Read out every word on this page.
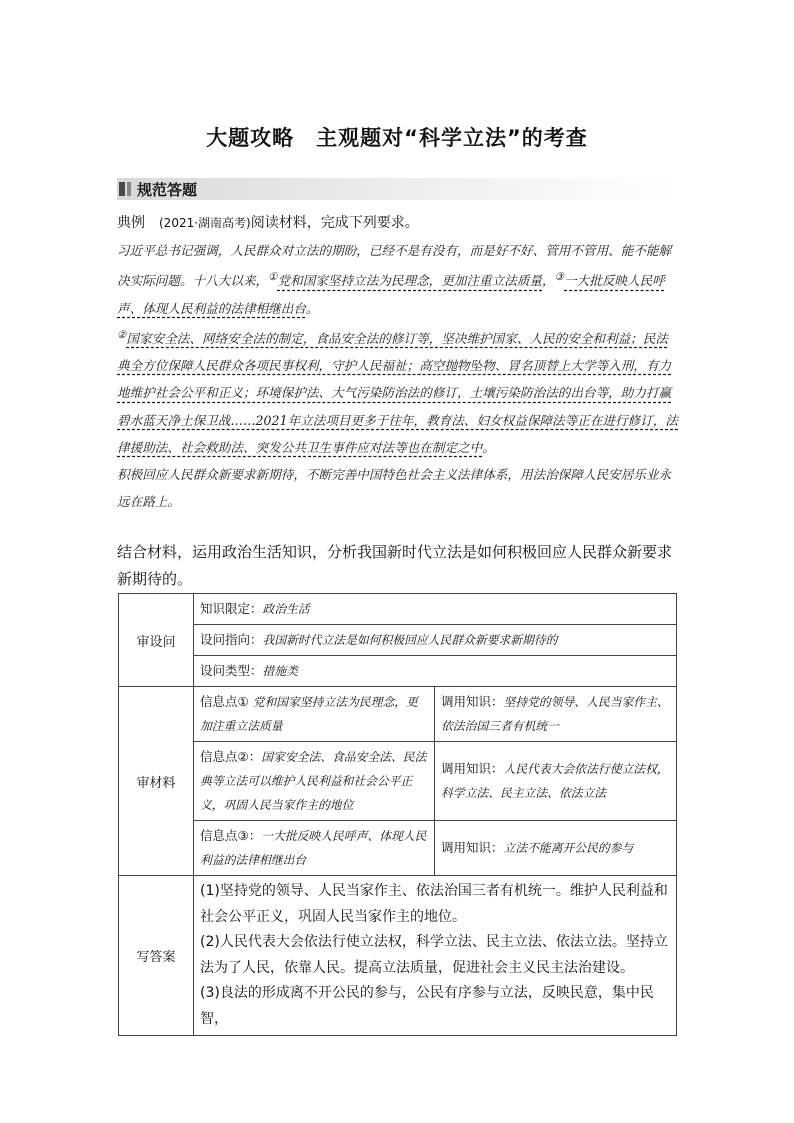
大题攻略　主观题对“科学立法”的考查
规范答题
典例 (2021·湖南高考)阅读材料，完成下列要求。

习近平总书记强调，人民群众对立法的期盼，已经不是有没有，而是好不好、管用不管用、能不能解决实际问题。十八大以来，①党和国家坚持立法为民理念，更加注重立法质量，③一大批反映人民呼声、体现人民利益的法律相继出台。

②国家安全法、网络安全法的制定，食品安全法的修订等，坚决维护国家、人民的安全和利益；民法典全方位保障人民群众各项民事权利，守护人民福祉；高空抛物坠物、冒名顶替上大学等入刑，有力地维护社会公平和正义；环境保护法、大气污染防治法的修订，土壤污染防治法的出台等，助力打赢碧水蓝天净土保卫战……2021年立法项目更多于往年，教育法、妇女权益保障法等正在进行修订，法律援助法、社会救助法、突发公共卫生事件应对法等也在制定之中。

积极回应人民群众新要求新期待，不断完善中国特色社会主义法律体系，用法治保障人民安居乐业永远在路上。

结合材料，运用政治生活知识，分析我国新时代立法是如何积极回应人民群众新要求新期待的。
审设问	知识限定：政治生活	
	设问指向：我国新时代立法是如何积极回应人民群众新要求新期待的	
	设问类型：措施类	
审材料	信息点① 党和国家坚持立法为民理念，更加注重立法质量	调用知识：坚持党的领导、人民当家作主、依法治国三者有机统一
	信息点②：国家安全法、食品安全法、民法典等立法可以维护人民利益和社会公平正义，巩固人民当家作主的地位	调用知识：人民代表大会依法行使立法权，科学立法、民主立法、依法立法
	信息点③：一大批反映人民呼声、体现人民利益的法律相继出台	调用知识：立法不能离开公民的参与
写答案	(1)坚持党的领导、人民当家作主、依法治国三者有机统一。维护人民利益和社会公平正义，巩固人民当家作主的地位。

(2)人民代表大会依法行使立法权，科学立法、民主立法、依法立法。坚持立法为了人民，依靠人民。提高立法质量，促进社会主义民主法治建设。

(3)良法的形成离不开公民的参与，公民有序参与立法，反映民意，集中民智，	
